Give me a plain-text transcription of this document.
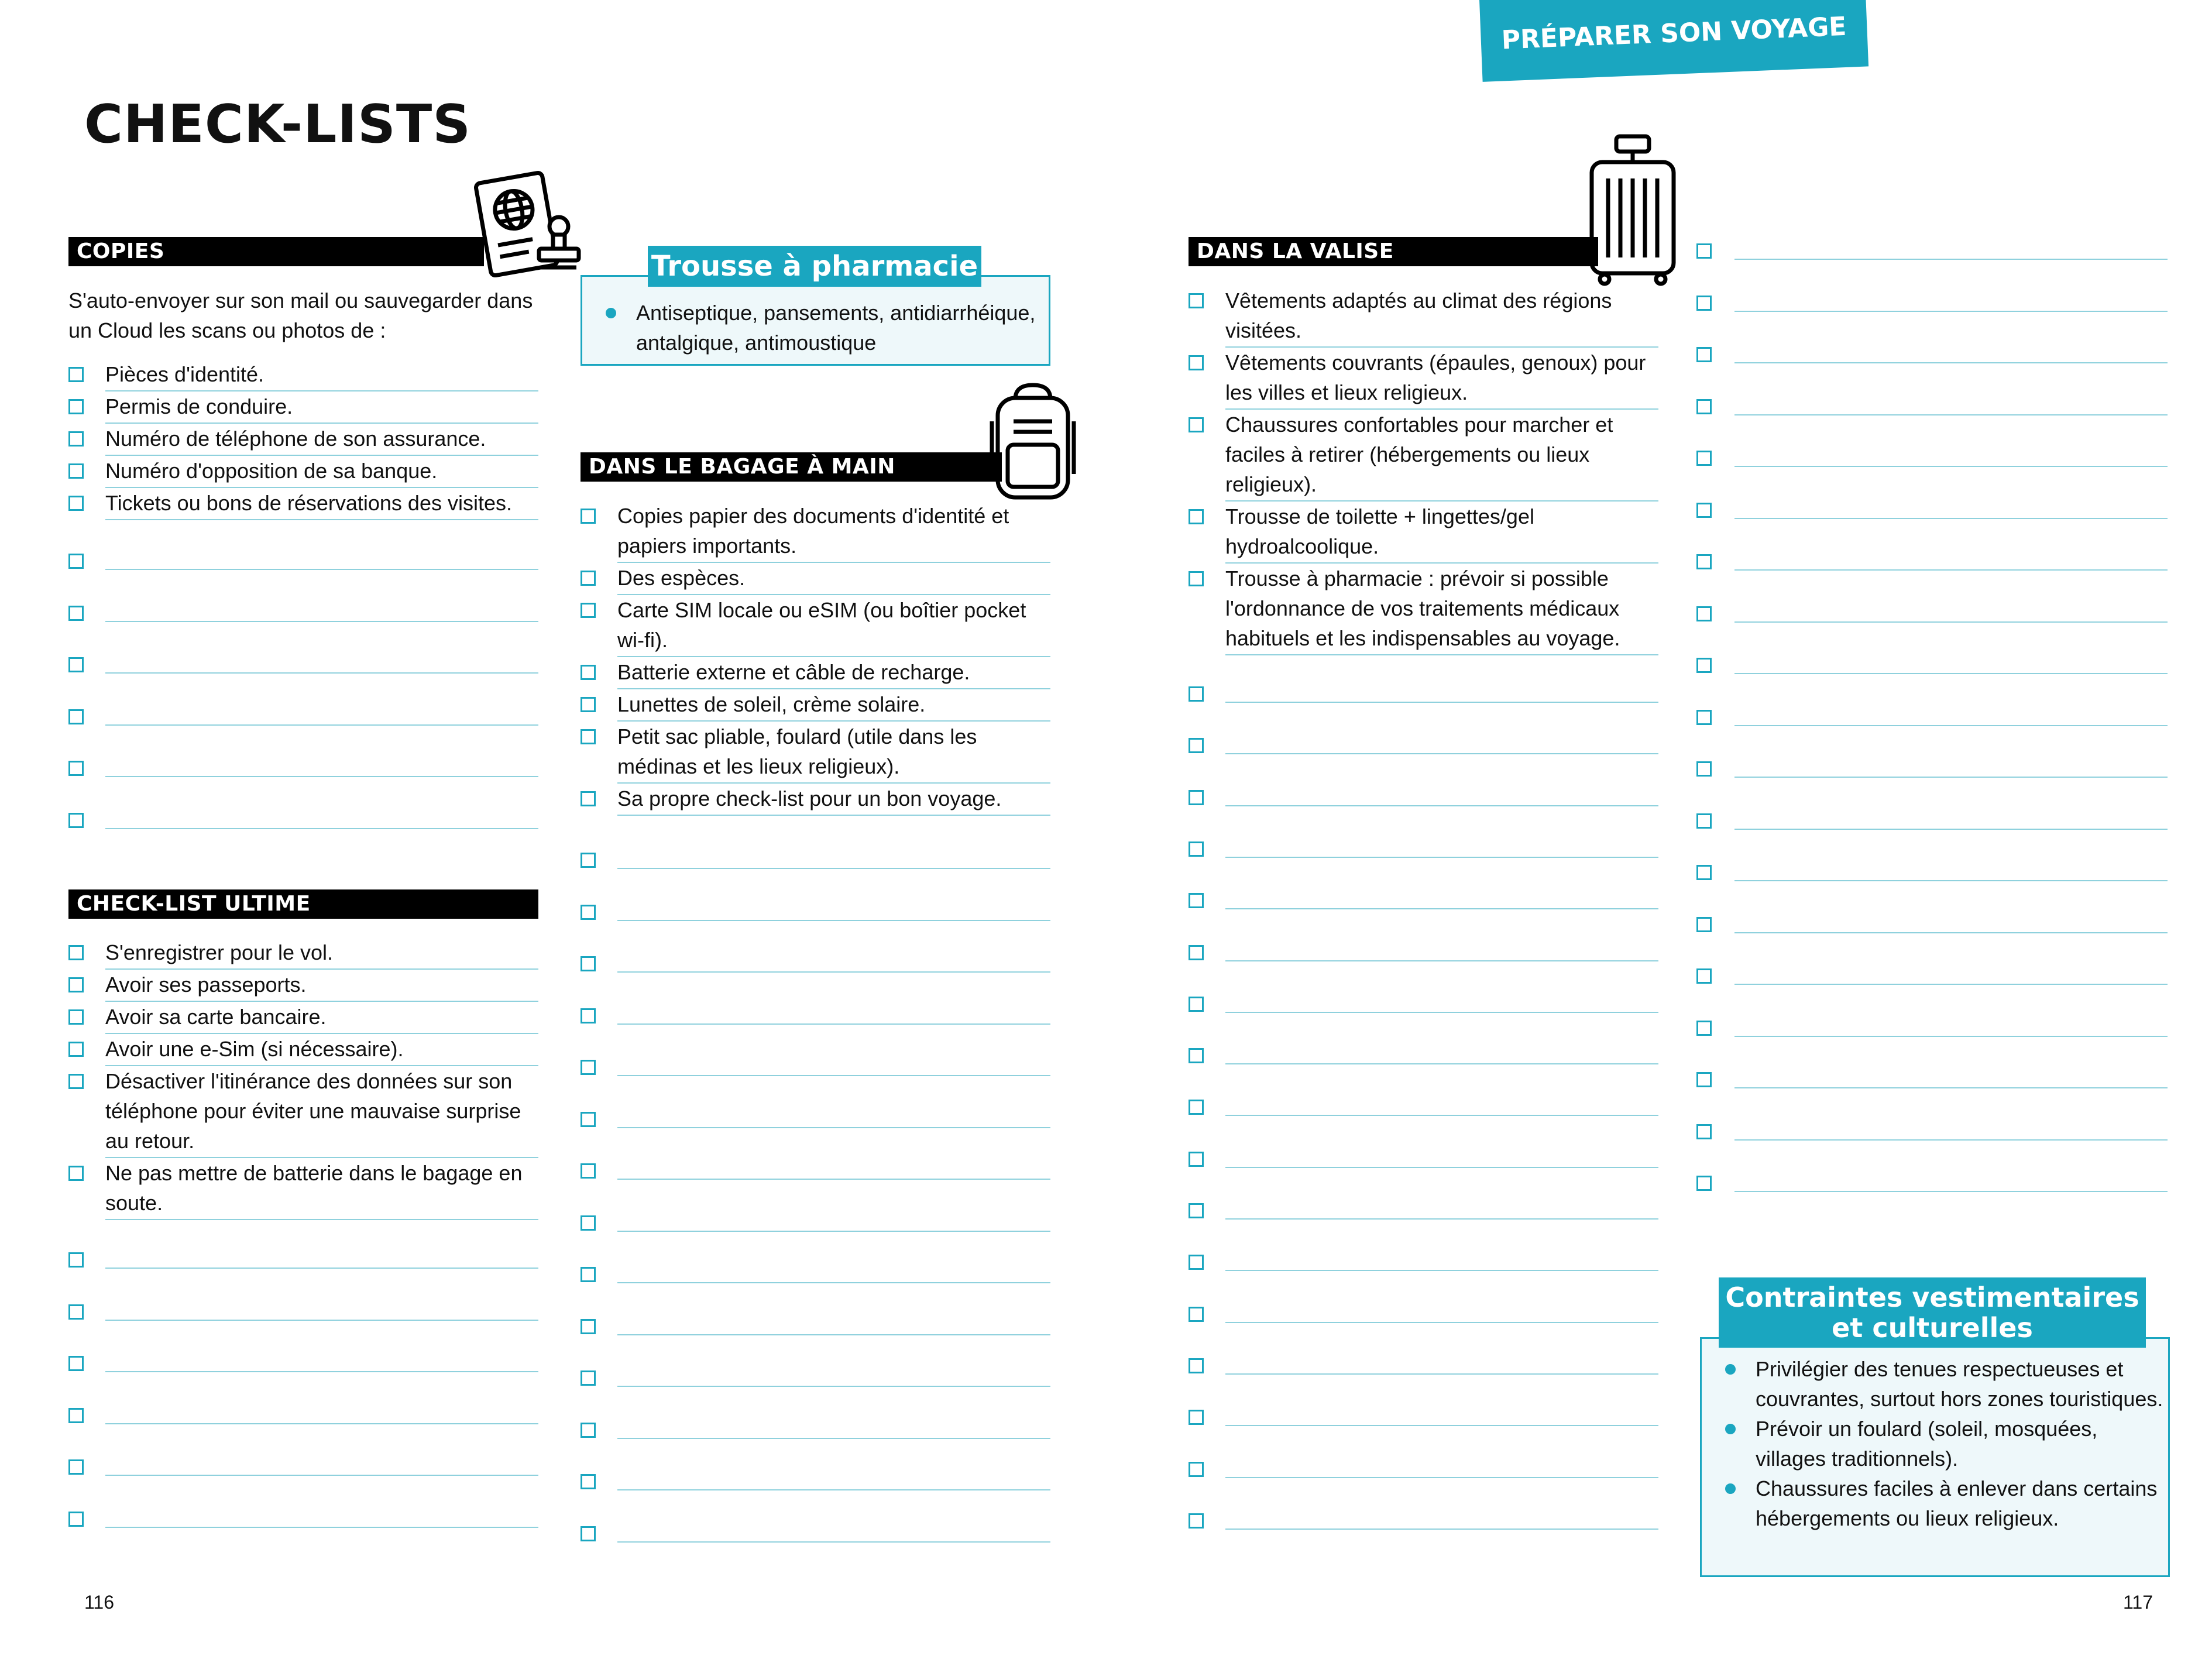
PRÉPARER SON VOYAGE
CHECK-LISTS
COPIES
S'auto-envoyer sur son mail ou sauvegarder dans un Cloud les scans ou photos de :
Pièces d'identité.
Permis de conduire.
Numéro de téléphone de son assurance.
Numéro d'opposition de sa banque.
Tickets ou bons de réservations des visites.
CHECK-LIST ULTIME
S'enregistrer pour le vol.
Avoir ses passeports.
Avoir sa carte bancaire.
Avoir une e-Sim (si nécessaire).
Désactiver l'itinérance des données sur son téléphone pour éviter une mauvaise surprise au retour.
Ne pas mettre de batterie dans le bagage en soute.
116
Antiseptique, pansements, antidiarrhéique, antalgique, antimoustique
Trousse à pharmacie
DANS LE BAGAGE À MAIN
Copies papier des documents d'identité et papiers importants.
Des espèces.
Carte SIM locale ou eSIM (ou boîtier pocket wi-fi).
Batterie externe et câble de recharge.
Lunettes de soleil, crème solaire.
Petit sac pliable, foulard (utile dans les médinas et les lieux religieux).
Sa propre check-list pour un bon voyage.
DANS LA VALISE
Vêtements adaptés au climat des régions visitées.
Vêtements couvrants (épaules, genoux) pour les villes et lieux religieux.
Chaussures confortables pour marcher et faciles à retirer (hébergements ou lieux religieux).
Trousse de toilette + lingettes/gel hydroalcoolique.
Trousse à pharmacie : prévoir si possible l'ordonnance de vos traitements médicaux habituels et les indispensables au voyage.
Privilégier des tenues respectueuses et couvrantes, surtout hors zones touristiques.
Prévoir un foulard (soleil, mosquées, villages traditionnels).
Chaussures faciles à enlever dans certains hébergements ou lieux religieux.
Contraintes vestimentaires
et culturelles
117
